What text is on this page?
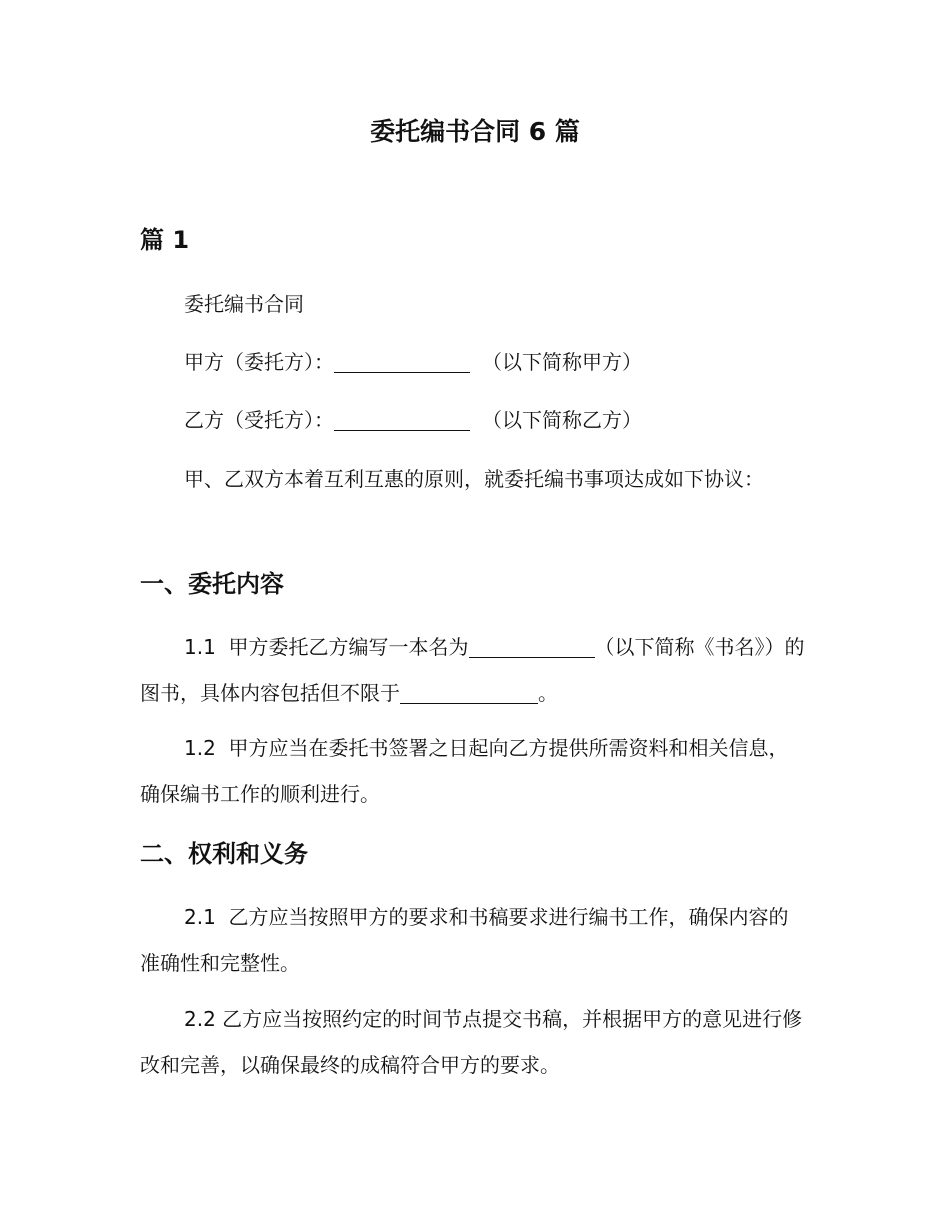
委托编书合同 6 篇
篇 1

委托编书合同

甲方（委托方）：	（以下简称甲方）

乙方（受托方）：	（以下简称乙方）

甲、乙双方本着互利互惠的原则，就委托编书事项达成如下协议：

一、委托内容

1.1 甲方委托乙方编写一本名为	（以下简称《书名》）的图书，具体内容包括但不限于	。

1.2 甲方应当在委托书签署之日起向乙方提供所需资料和相关信息，确保编书工作的顺利进行。

二、权利和义务

2.1 乙方应当按照甲方的要求和书稿要求进行编书工作，确保内容的准确性和完整性。

2.2 乙方应当按照约定的时间节点提交书稿，并根据甲方的意见进行修改和完善，以确保最终的成稿符合甲方的要求。
